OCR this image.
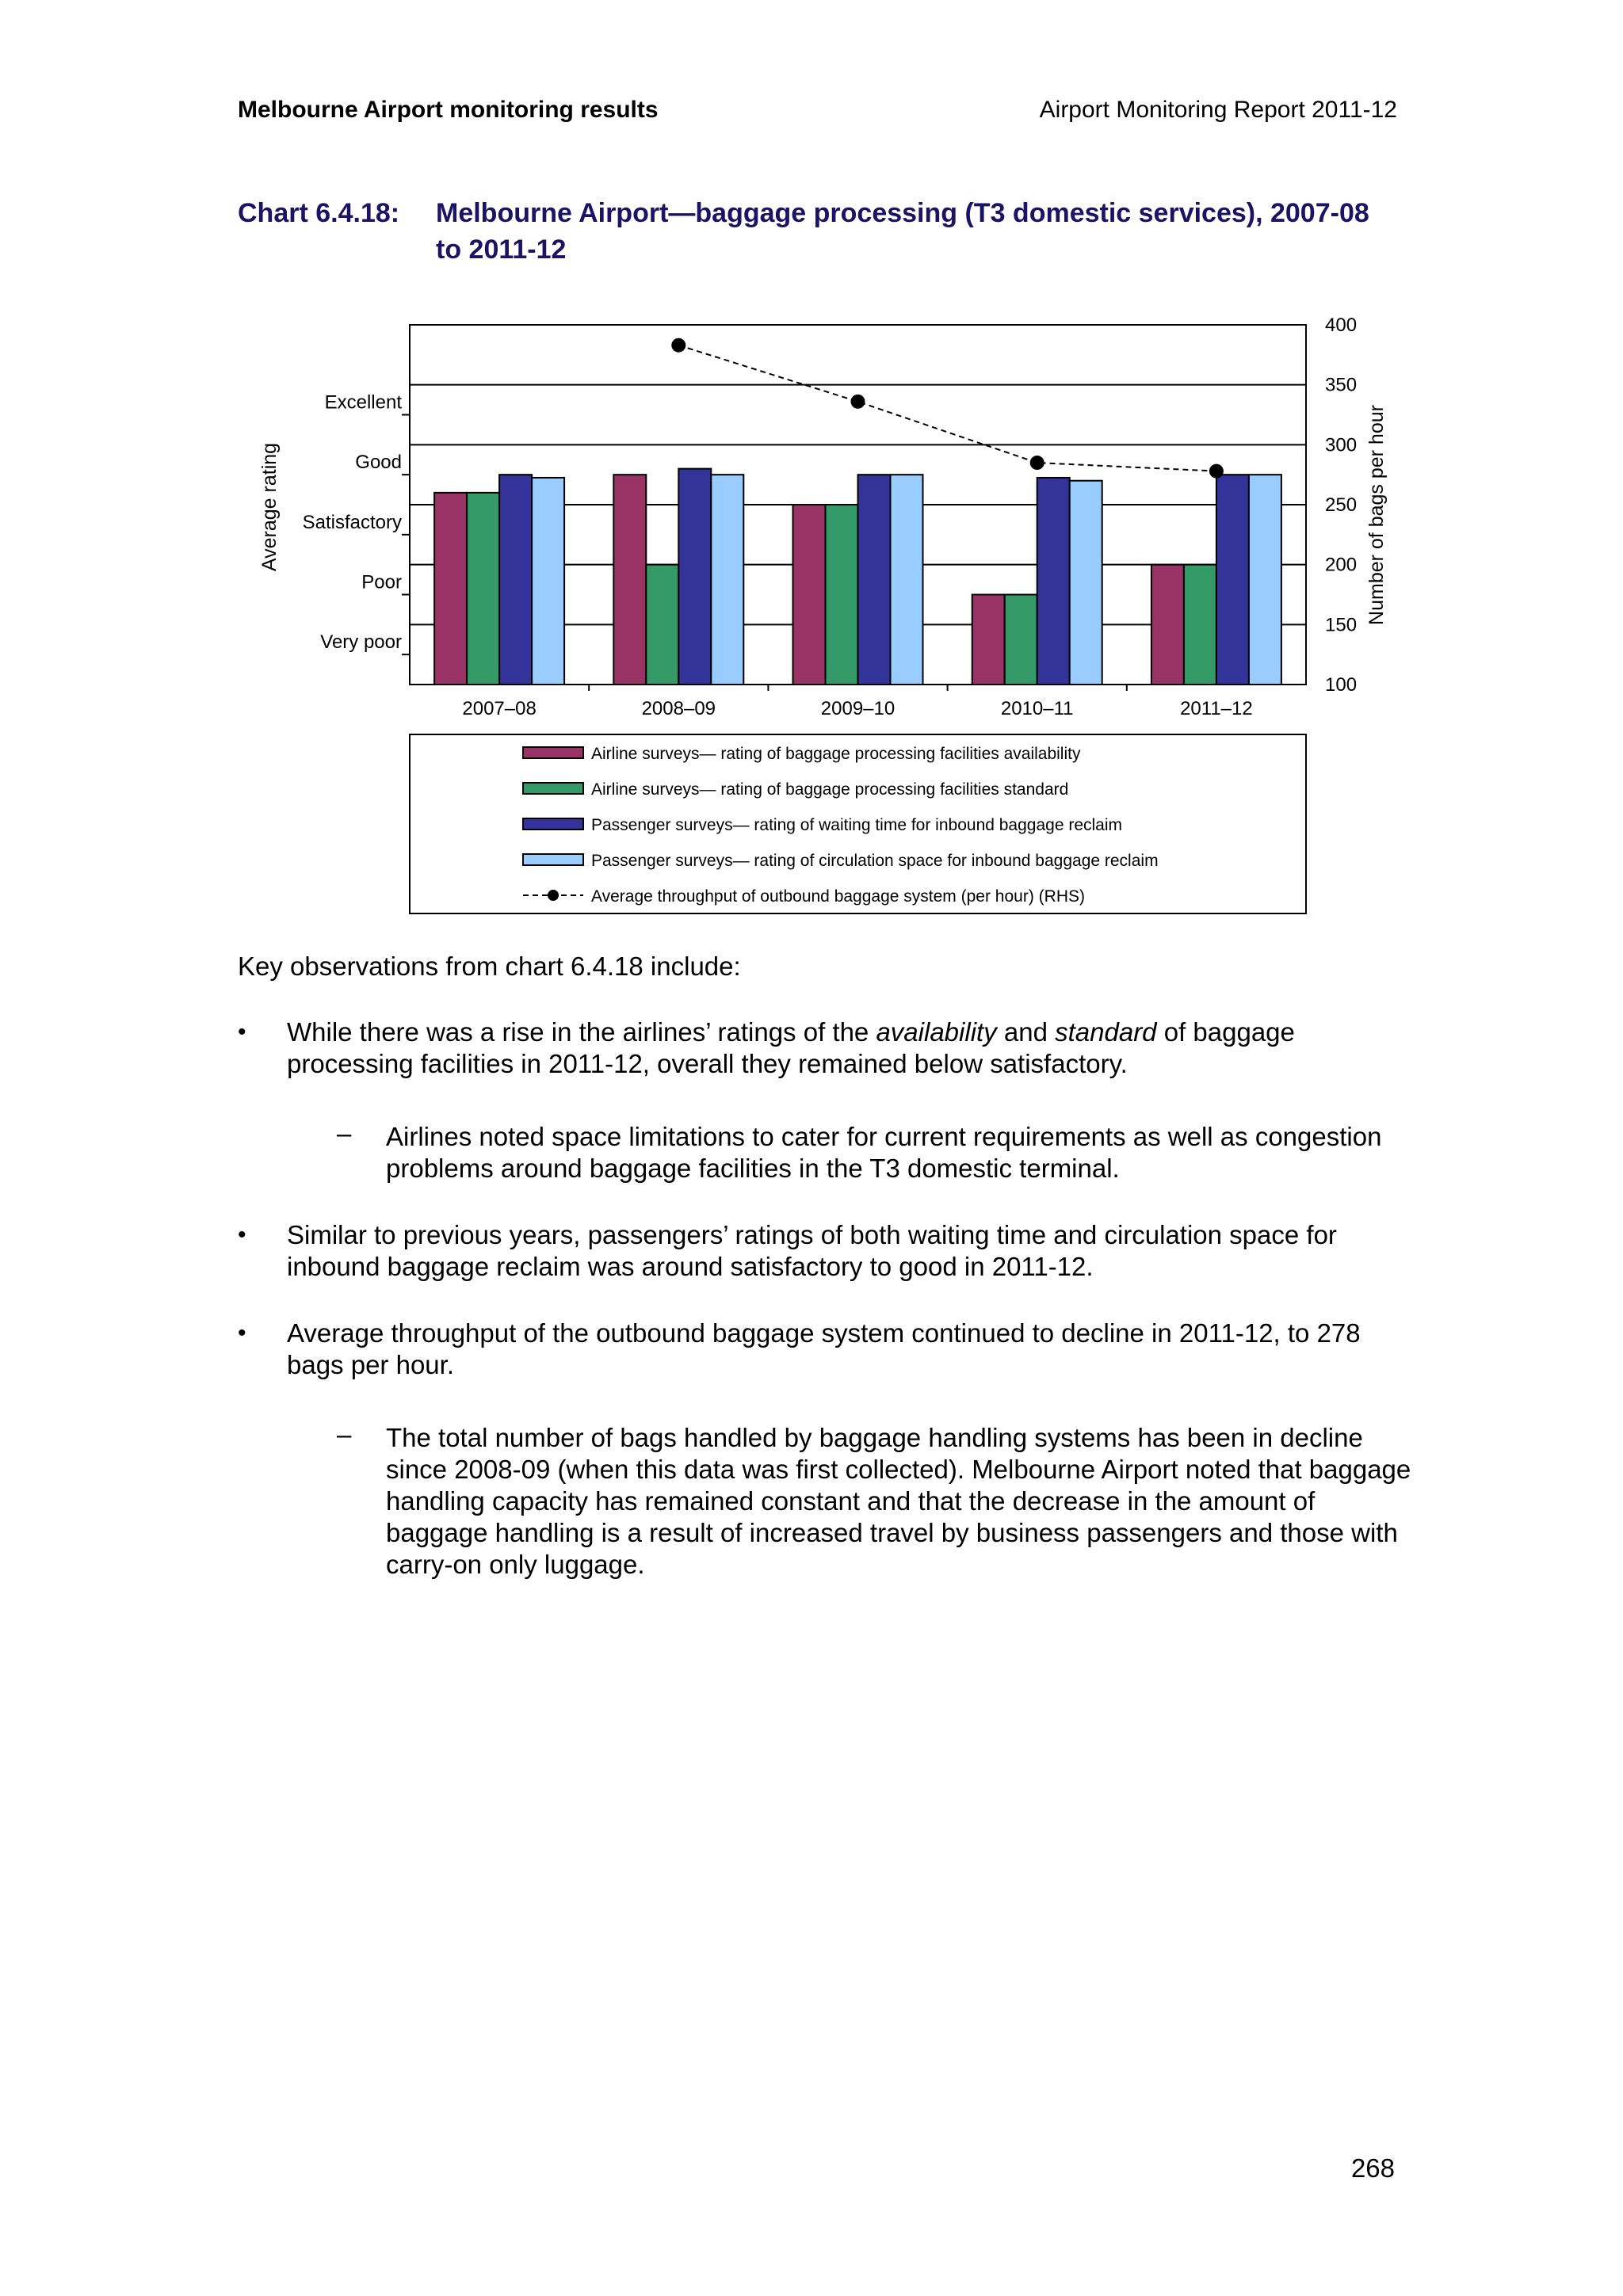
Melbourne Airport monitoring results	Airport Monitoring Report 2011-12
Chart 6.4.18: Melbourne Airport—baggage processing (T3 domestic services), 2007-08 to 2011-12
100
150
200
250
300
350
400
Very poor
Poor
Satisfactory
Good
Excellent
2007–08	2008–09	2009–10	2010–11	2011–12
Average rating	Number of bags per hour
Airline surveys— rating of baggage processing facilities availability
Airline surveys— rating of baggage processing facilities standard
Passenger surveys— rating of waiting time for inbound baggage reclaim
Passenger surveys— rating of circulation space for inbound baggage reclaim
Average throughput of outbound baggage system (per hour) (RHS)
Key observations from chart 6.4.18 include:
• While there was a rise in the airlines’ ratings of the availability and standard of baggage processing facilities in 2011-12, overall they remained below satisfactory.
– Airlines noted space limitations to cater for current requirements as well as congestion problems around baggage facilities in the T3 domestic terminal.
• Similar to previous years, passengers’ ratings of both waiting time and circulation space for inbound baggage reclaim was around satisfactory to good in 2011-12.
• Average throughput of the outbound baggage system continued to decline in 2011-12, to 278 bags per hour.
– The total number of bags handled by baggage handling systems has been in decline since 2008-09 (when this data was first collected). Melbourne Airport noted that baggage handling capacity has remained constant and that the decrease in the amount of baggage handling is a result of increased travel by business passengers and those with carry-on only luggage.
268
